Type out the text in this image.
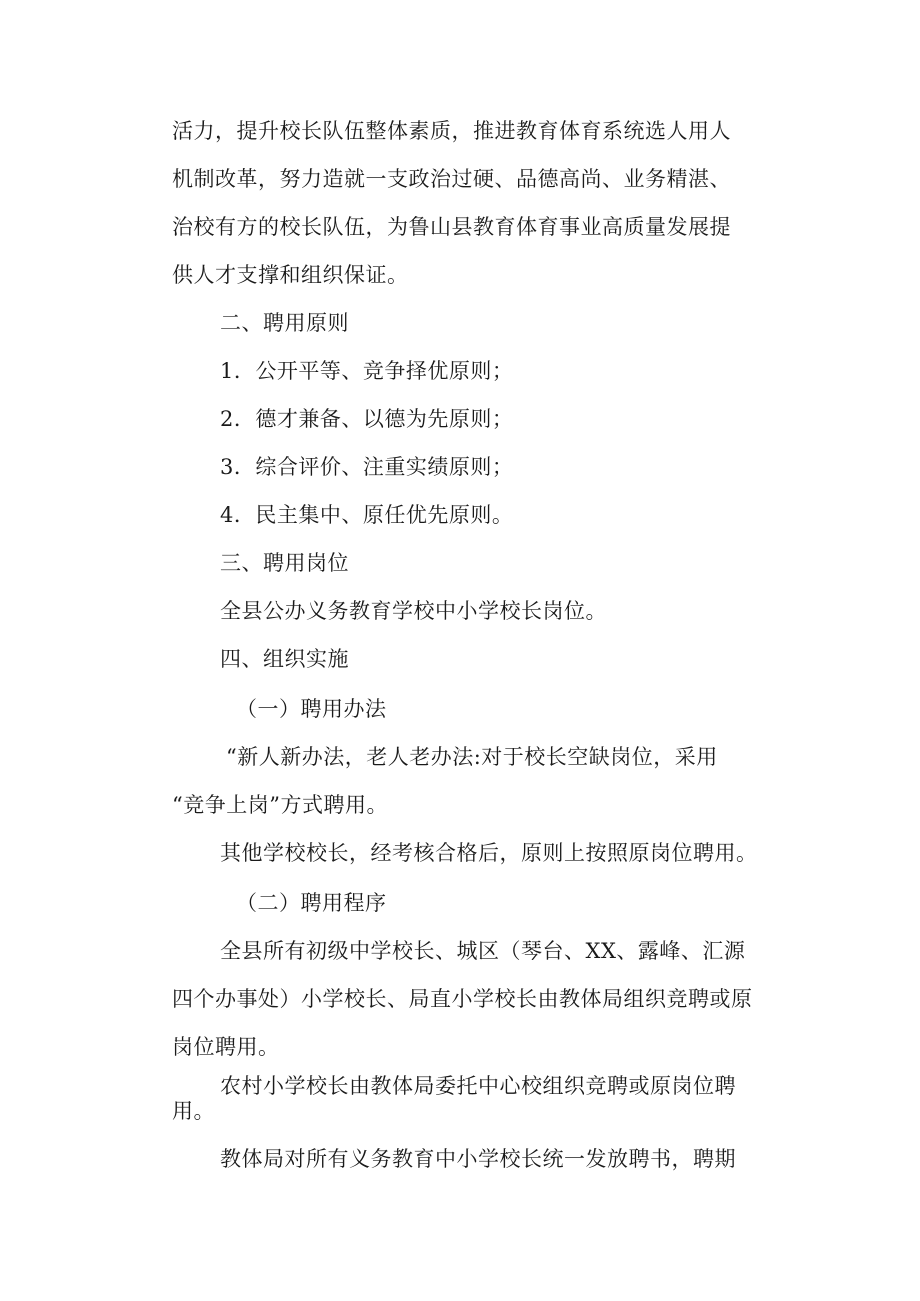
活力，提升校长队伍整体素质，推进教育体育系统选人用人
机制改革，努力造就一支政治过硬、品德高尚、业务精湛、
治校有方的校长队伍，为鲁山县教育体育事业高质量发展提
供人才支撑和组织保证。
二、聘用原则
1．公开平等、竞争择优原则；
2．德才兼备、以德为先原则；
3．综合评价、注重实绩原则；
4．民主集中、原任优先原则。
三、聘用岗位
全县公办义务教育学校中小学校长岗位。
四、组织实施
（一）聘用办法
“新人新办法，老人老办法:对于校长空缺岗位，采用
“竞争上岗”方式聘用。
其他学校校长，经考核合格后，原则上按照原岗位聘用。
（二）聘用程序
全县所有初级中学校长、城区（琴台、XX、露峰、汇源
四个办事处）小学校长、局直小学校长由教体局组织竞聘或原
岗位聘用。
农村小学校长由教体局委托中心校组织竞聘或原岗位聘
用。
教体局对所有义务教育中小学校长统一发放聘书，聘期
